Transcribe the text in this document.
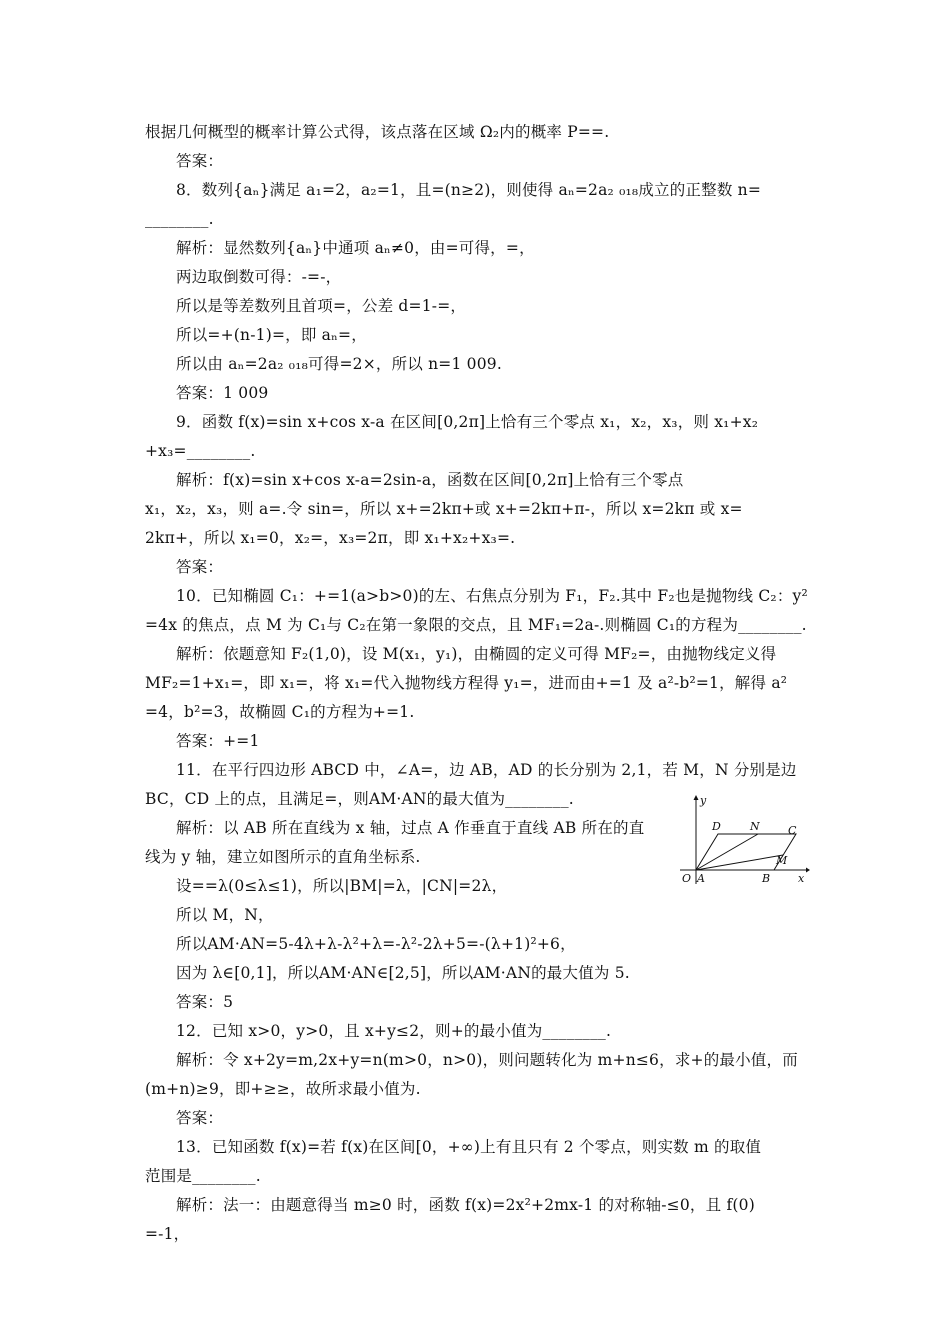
根据几何概型的概率计算公式得，该点落在区域 Ω₂内的概率 P==.
答案：
8．数列{aₙ}满足 a₁=2，a₂=1，且=(n≥2)，则使得 aₙ=2a₂ ₀₁₈成立的正整数 n=
________.
解析：显然数列{aₙ}中通项 aₙ≠0，由=可得，=，
两边取倒数可得：-=-，
所以是等差数列且首项=，公差 d=1-=，
所以=+(n-1)=，即 aₙ=，
所以由 aₙ=2a₂ ₀₁₈可得=2×，所以 n=1 009.
答案：1 009
9．函数 f(x)=sin x+cos x-a 在区间[0,2π]上恰有三个零点 x₁，x₂，x₃，则 x₁+x₂
+x₃=________.
解析：f(x)=sin x+cos x-a=2sin-a，函数在区间[0,2π]上恰有三个零点
x₁，x₂，x₃，则 a=.令 sin=，所以 x+=2kπ+或 x+=2kπ+π-，所以 x=2kπ 或 x=
2kπ+，所以 x₁=0，x₂=，x₃=2π，即 x₁+x₂+x₃=.
答案：
10．已知椭圆 C₁：+=1(a>b>0)的左、右焦点分别为 F₁，F₂.其中 F₂也是抛物线 C₂：y²
=4x 的焦点，点 M 为 C₁与 C₂在第一象限的交点，且 MF₁=2a-.则椭圆 C₁的方程为________.
解析：依题意知 F₂(1,0)，设 M(x₁，y₁)，由椭圆的定义可得 MF₂=，由抛物线定义得
MF₂=1+x₁=，即 x₁=，将 x₁=代入抛物线方程得 y₁=，进而由+=1 及 a²-b²=1，解得 a²
=4，b²=3，故椭圆 C₁的方程为+=1.
答案：+=1
11．在平行四边形 ABCD 中，∠A=，边 AB，AD 的长分别为 2,1，若 M，N 分别是边
BC，CD 上的点，且满足=，则AM·AN的最大值为________.
解析：以 AB 所在直线为 x 轴，过点 A 作垂直于直线 AB 所在的直
线为 y 轴，建立如图所示的直角坐标系.
设==λ(0≤λ≤1)，所以|BM|=λ，|CN|=2λ，
所以 M，N，
所以AM·AN=5-4λ+λ-λ²+λ=-λ²-2λ+5=-(λ+1)²+6，
因为 λ∈[0,1]，所以AM·AN∈[2,5]，所以AM·AN的最大值为 5.
答案：5
12．已知 x>0，y>0，且 x+y≤2，则+的最小值为________.
解析：令 x+2y=m,2x+y=n(m>0，n>0)，则问题转化为 m+n≤6，求+的最小值，而
(m+n)≥9，即+≥≥，故所求最小值为.
答案：
13．已知函数 f(x)=若 f(x)在区间[0，+∞)上有且只有 2 个零点，则实数 m 的取值
范围是________.
解析：法一：由题意得当 m≥0 时，函数 f(x)=2x²+2mx-1 的对称轴-≤0，且 f(0)
=-1，
y
x
O A	B
C
D	N
M
